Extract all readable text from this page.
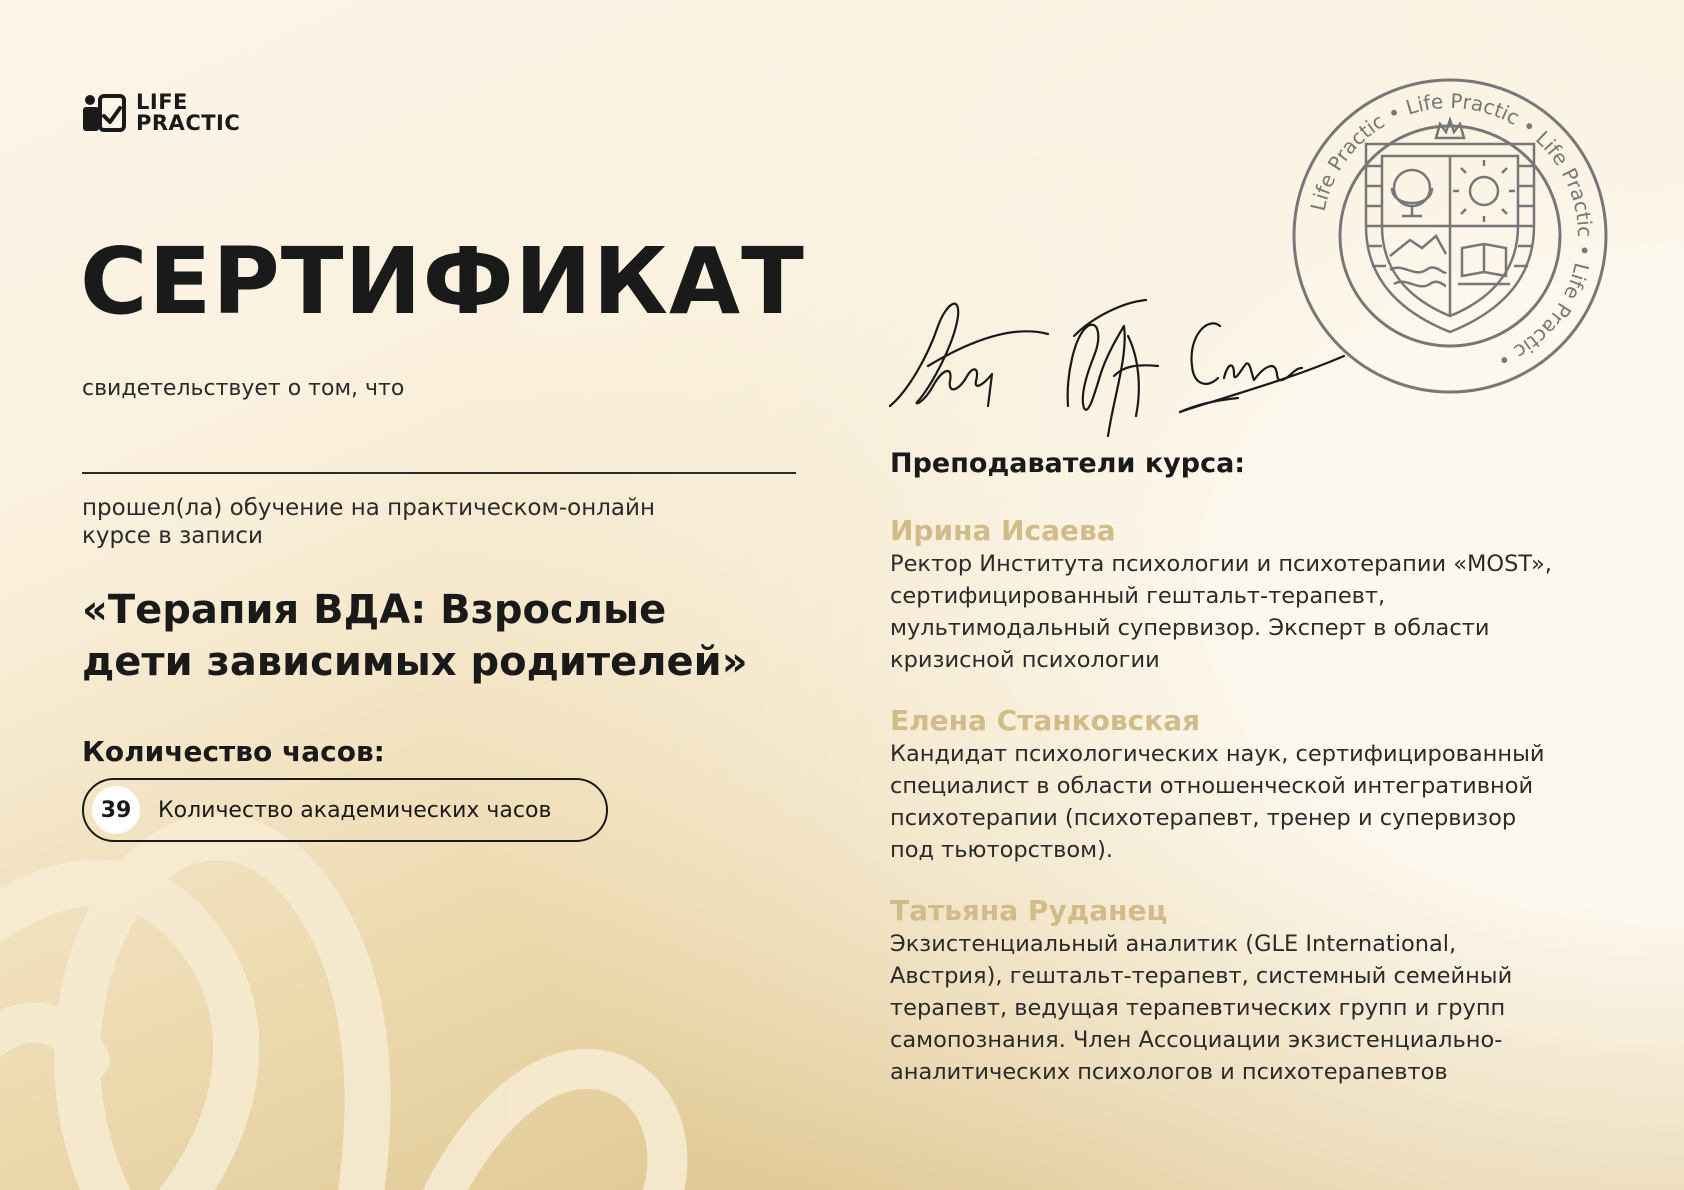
LIFE
PRACTIC
СЕРТИФИКАТ
свидетельствует о том, что
прошел(ла) обучение на практическом-онлайн курсе в записи
«Терапия ВДА: Взрослые
дети зависимых родителей»
Количество часов:
39	Количество академических часов
Life Practic • Life Practic • Life Practic • Life Practic •
Преподаватели курса:
Ирина Исаева
Ректор Института психологии и психотерапии «MOST»,
сертифицированный гештальт-терапевт,
мультимодальный супервизор. Эксперт в области
кризисной психологии
Елена Станковская
Кандидат психологических наук, сертифицированный
специалист в области отношенческой интегративной
психотерапии (психотерапевт, тренер и супервизор
под тьюторством).
Татьяна Руданец
Экзистенциальный аналитик (GLE International,
Австрия), гештальт-терапевт, системный семейный
терапевт, ведущая терапевтических групп и групп
самопознания. Член Ассоциации экзистенциально-
аналитических психологов и психотерапевтов
